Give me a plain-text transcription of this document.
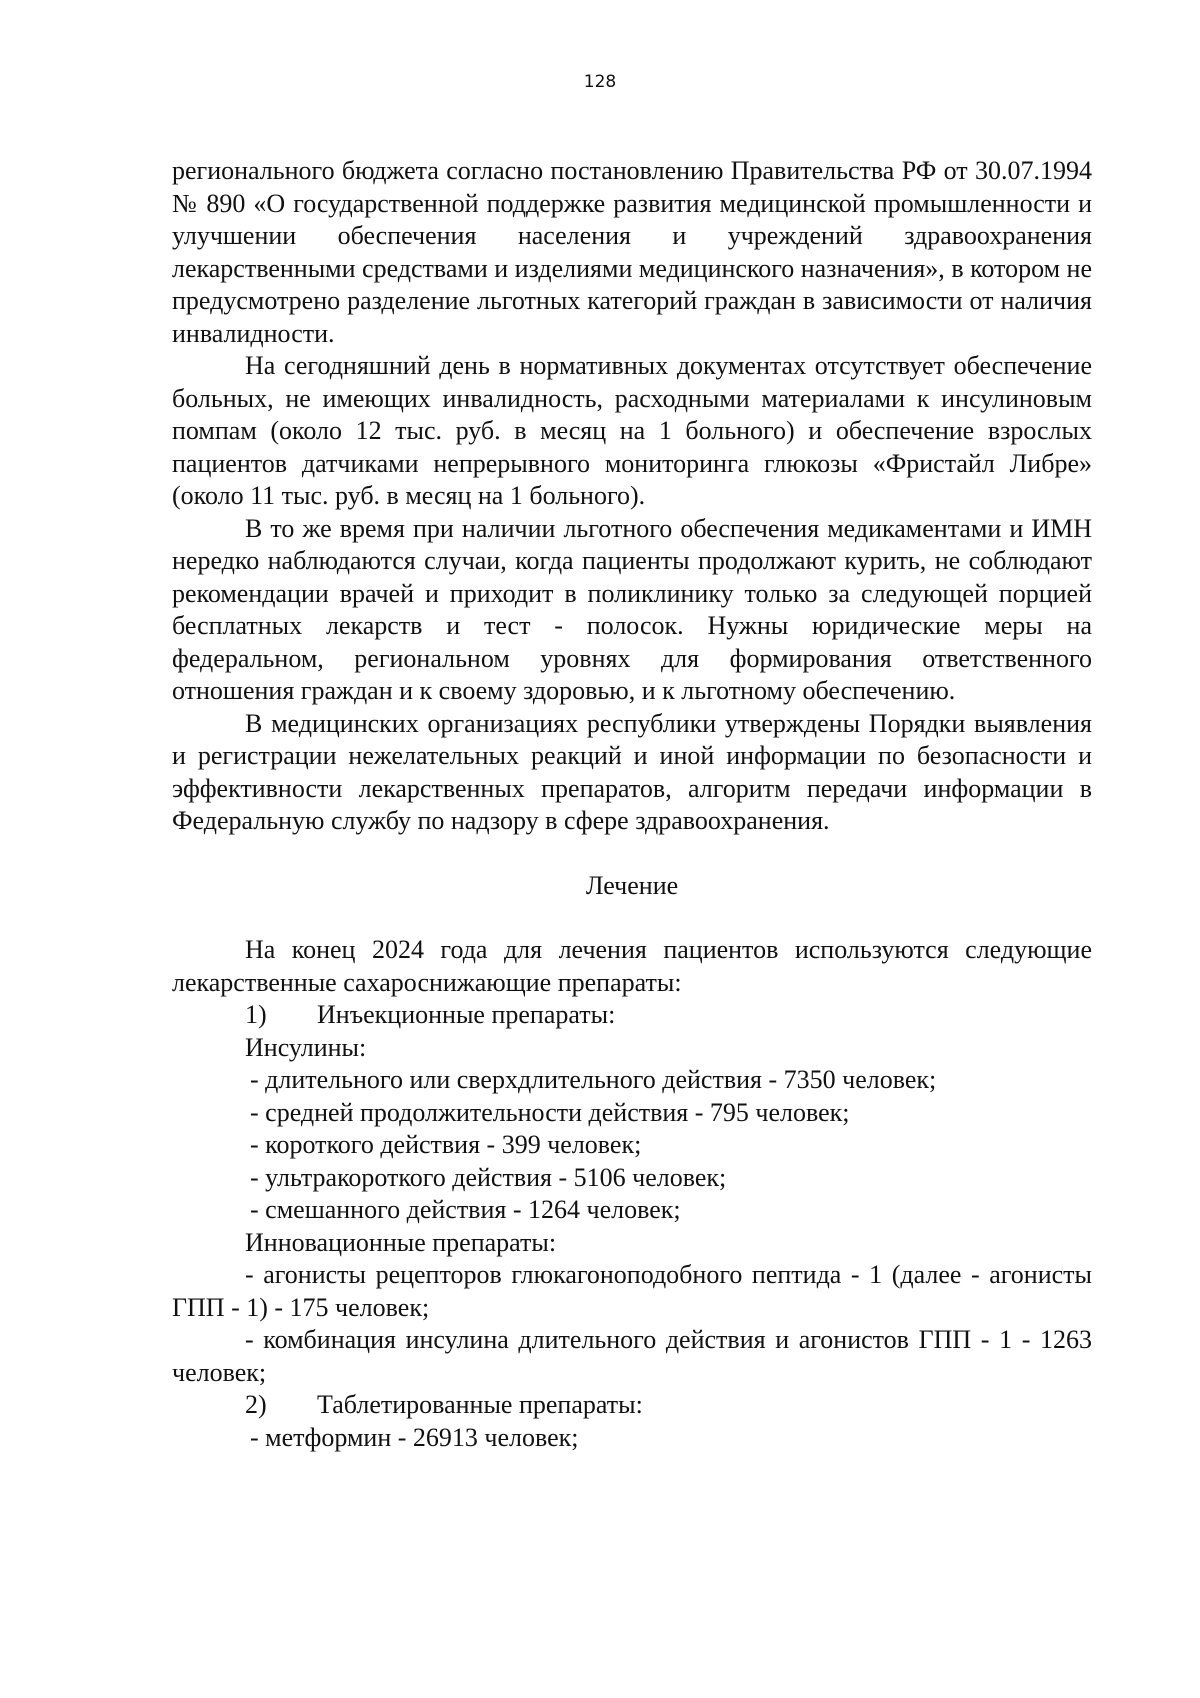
128

регионального бюджета согласно постановлению Правительства РФ от 30.07.1994 № 890 «О государственной поддержке развития медицинской промышленности и улучшении обеспечения населения и учреждений здравоохранения лекарственными средствами и изделиями медицинского назначения», в котором не предусмотрено разделение льготных категорий граждан в зависимости от наличия инвалидности.

На сегодняшний день в нормативных документах отсутствует обеспечение больных, не имеющих инвалидность, расходными материалами к инсулиновым помпам (около 12 тыс. руб. в месяц на 1 больного) и обеспечение взрослых пациентов датчиками непрерывного мониторинга глюкозы «Фристайл Либре» (около 11 тыс. руб. в месяц на 1 больного).

В то же время при наличии льготного обеспечения медикаментами и ИМН нередко наблюдаются случаи, когда пациенты продолжают курить, не соблюдают рекомендации врачей и приходит в поликлинику только за следующей порцией бесплатных лекарств и тест - полосок. Нужны юридические меры на федеральном, региональном уровнях для формирования ответственного отношения граждан и к своему здоровью, и к льготному обеспечению.

В медицинских организациях республики утверждены Порядки выявления и регистрации нежелательных реакций и иной информации по безопасности и эффективности лекарственных препаратов, алгоритм передачи информации в Федеральную службу по надзору в сфере здравоохранения.

Лечение

На конец 2024 года для лечения пациентов используются следующие лекарственные сахароснижающие препараты:

1) Инъекционные препараты:

Инсулины:

- длительного или сверхдлительного действия - 7350 человек;

- средней продолжительности действия - 795 человек;

- короткого действия - 399 человек;

- ультракороткого действия - 5106 человек;

- смешанного действия - 1264 человек;

Инновационные препараты:

- агонисты рецепторов глюкагоноподобного пептида - 1 (далее - агонисты ГПП - 1) - 175 человек;

- комбинация инсулина длительного действия и агонистов ГПП - 1 - 1263 человек;

2) Таблетированные препараты:

- метформин - 26913 человек;
